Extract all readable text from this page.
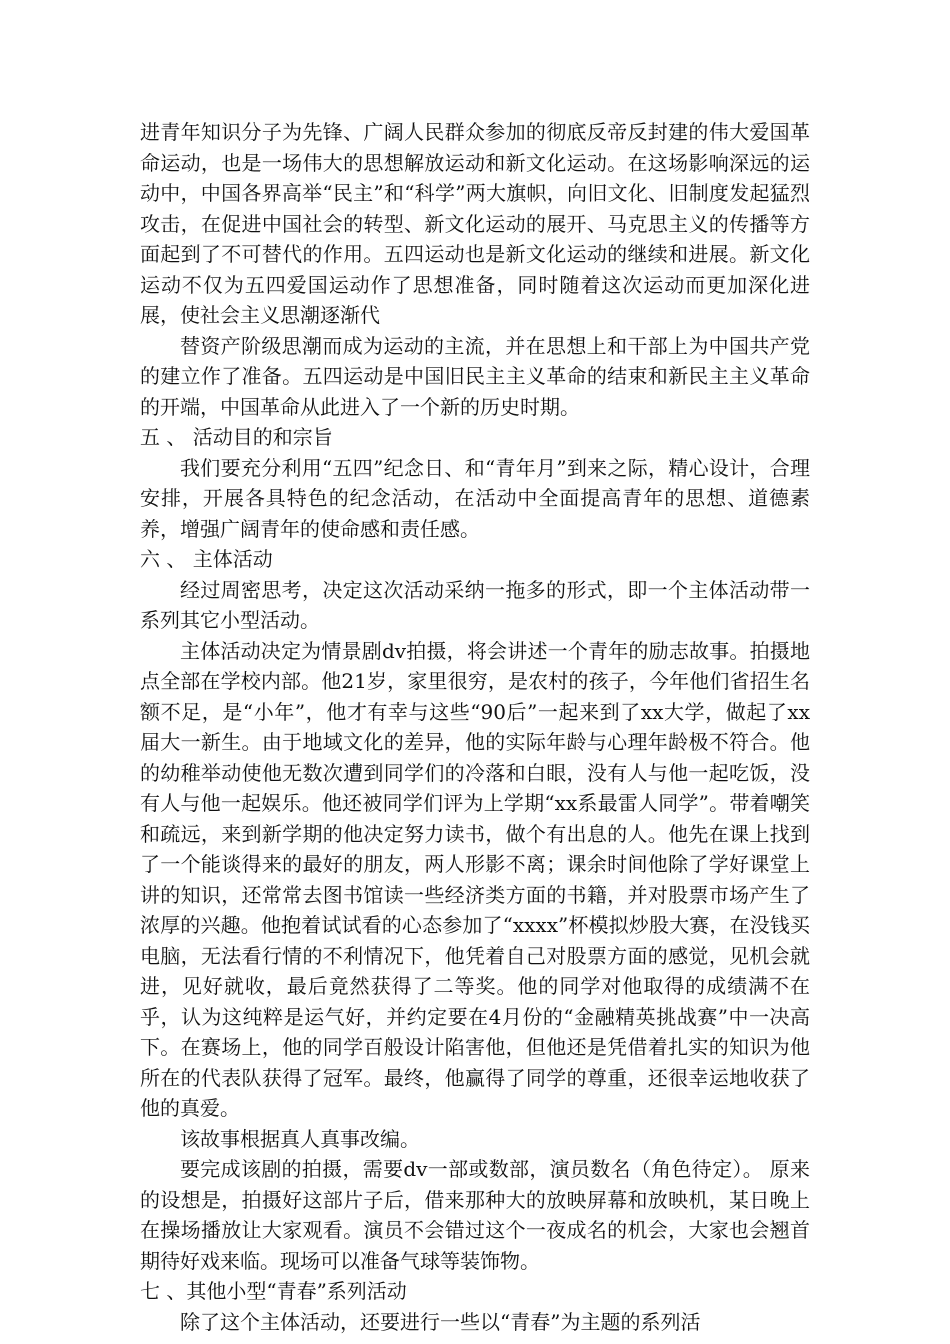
进青年知识分子为先锋、广阔人民群众参加的彻底反帝反封建的伟大爱国革命运动，也是一场伟大的思想解放运动和新文化运动。在这场影响深远的运动中，中国各界高举“民主”和“科学”两大旗帜，向旧文化、旧制度发起猛烈攻击，在促进中国社会的转型、新文化运动的展开、马克思主义的传播等方面起到了不可替代的作用。五四运动也是新文化运动的继续和进展。新文化运动不仅为五四爱国运动作了思想准备，同时随着这次运动而更加深化进展，使社会主义思潮逐渐代

替资产阶级思潮而成为运动的主流，并在思想上和干部上为中国共产党的建立作了准备。五四运动是中国旧民主主义革命的结束和新民主主义革命的开端，中国革命从此进入了一个新的历史时期。

五 、 活动目的和宗旨

我们要充分利用“五四”纪念日、和“青年月”到来之际，精心设计，合理安排，开展各具特色的纪念活动，在活动中全面提高青年的思想、道德素养，增强广阔青年的使命感和责任感。

六 、 主体活动

经过周密思考，决定这次活动采纳一拖多的形式，即一个主体活动带一系列其它小型活动。

主体活动决定为情景剧dv拍摄，将会讲述一个青年的励志故事。拍摄地点全部在学校内部。他21岁，家里很穷，是农村的孩子，今年他们省招生名额不足，是“小年”，他才有幸与这些“90后”一起来到了xx大学，做起了xx届大一新生。由于地域文化的差异，他的实际年龄与心理年龄极不符合。他的幼稚举动使他无数次遭到同学们的冷落和白眼，没有人与他一起吃饭，没有人与他一起娱乐。他还被同学们评为上学期“xx系最雷人同学”。带着嘲笑和疏远，来到新学期的他决定努力读书，做个有出息的人。他先在课上找到了一个能谈得来的最好的朋友，两人形影不离；课余时间他除了学好课堂上讲的知识，还常常去图书馆读一些经济类方面的书籍，并对股票市场产生了浓厚的兴趣。他抱着试试看的心态参加了“xxxx”杯模拟炒股大赛，在没钱买电脑，无法看行情的不利情况下，他凭着自己对股票方面的感觉，见机会就进，见好就收，最后竟然获得了二等奖。他的同学对他取得的成绩满不在乎，认为这纯粹是运气好，并约定要在4月份的“金融精英挑战赛”中一决高下。在赛场上，他的同学百般设计陷害他，但他还是凭借着扎实的知识为他所在的代表队获得了冠军。最终，他赢得了同学的尊重，还很幸运地收获了他的真爱。

该故事根据真人真事改编。

要完成该剧的拍摄，需要dv一部或数部，演员数名（角色待定）。 原来的设想是，拍摄好这部片子后，借来那种大的放映屏幕和放映机，某日晚上在操场播放让大家观看。演员不会错过这个一夜成名的机会，大家也会翘首期待好戏来临。现场可以准备气球等装饰物。

七 、其他小型“青春”系列活动

除了这个主体活动，还要进行一些以“青春”为主题的系列活
